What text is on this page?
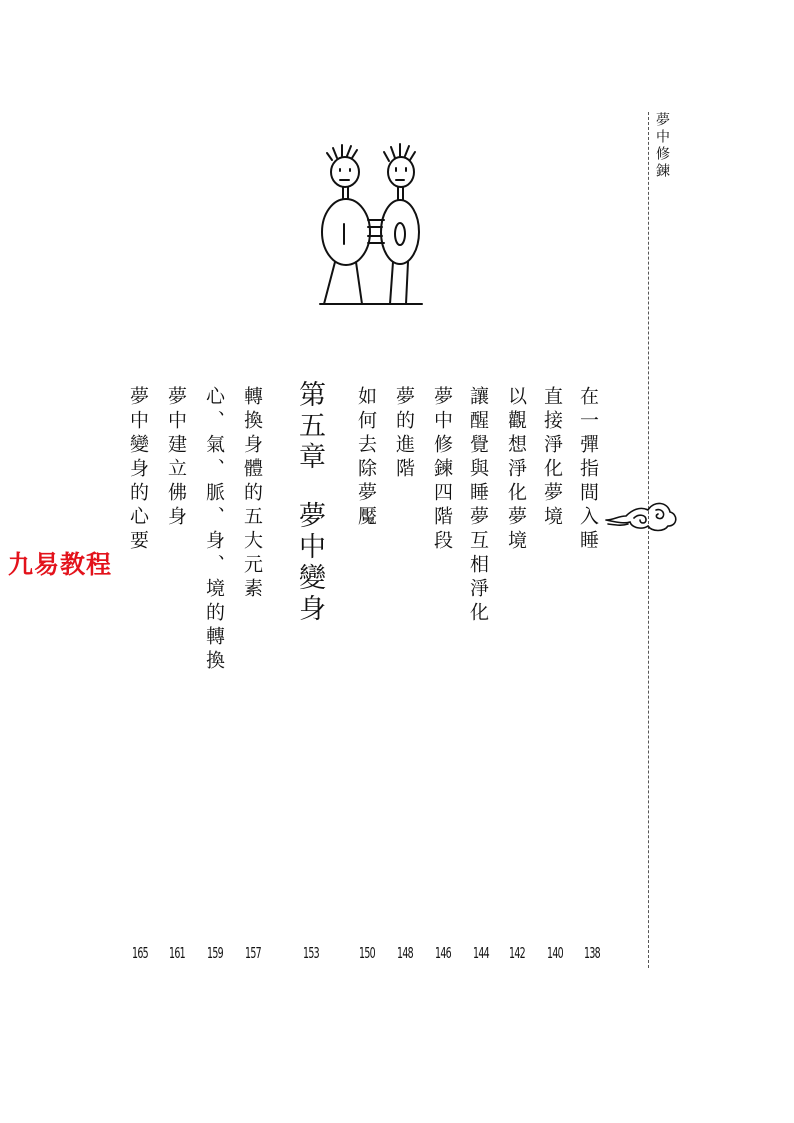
夢中修鍊
在一彈指間入睡
直接淨化夢境
以觀想淨化夢境
讓醒覺與睡夢互相淨化
夢中修鍊四階段
夢的進階
如何去除夢魘
第五章夢中變身
轉換身體的五大元素
心、氣、脈、身、境的轉換
夢中建立佛身
夢中變身的心要
138
140
142
144
146
148
150
153
157
159
161
165
九易教程
